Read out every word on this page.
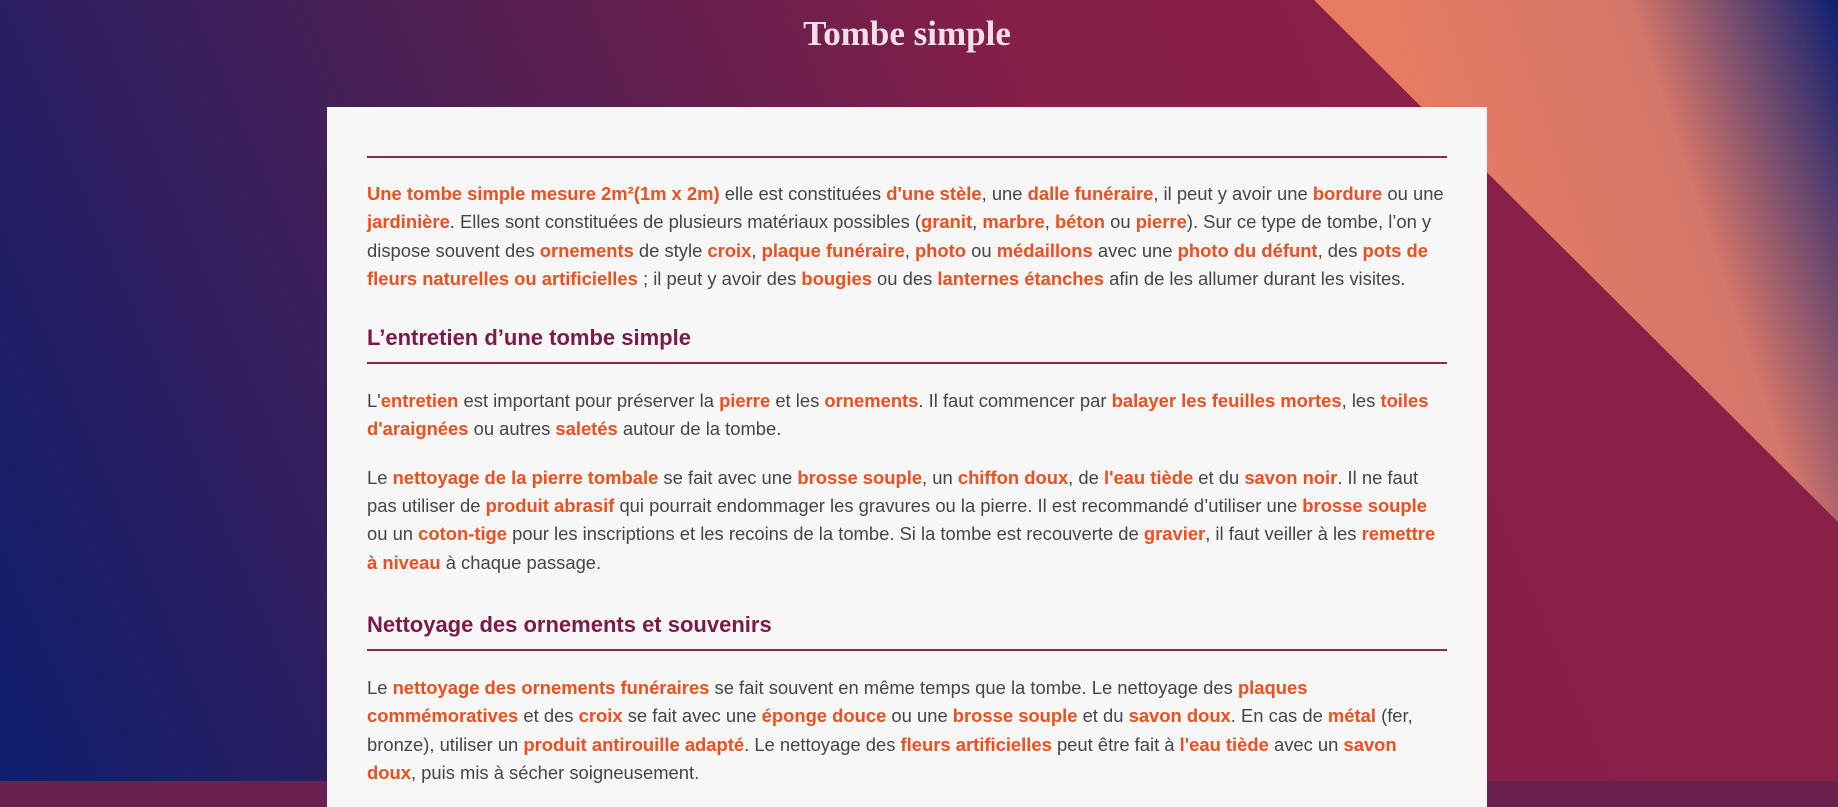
Tombe simple

Une tombe simple mesure 2m²(1m x 2m) elle est constituées d'une stèle, une dalle funéraire, il peut y avoir une bordure ou une jardinière. Elles sont constituées de plusieurs matériaux possibles (granit, marbre, béton ou pierre). Sur ce type de tombe, l’on y dispose souvent des ornements de style croix, plaque funéraire, photo ou médaillons avec une photo du défunt, des pots de fleurs naturelles ou artificielles ; il peut y avoir des bougies ou des lanternes étanches afin de les allumer durant les visites.

L’entretien d’une tombe simple

L'entretien est important pour préserver la pierre et les ornements. Il faut commencer par balayer les feuilles mortes, les toiles d'araignées ou autres saletés autour de la tombe.

Le nettoyage de la pierre tombale se fait avec une brosse souple, un chiffon doux, de l'eau tiède et du savon noir. Il ne faut pas utiliser de produit abrasif qui pourrait endommager les gravures ou la pierre. Il est recommandé d’utiliser une brosse souple ou un coton-tige pour les inscriptions et les recoins de la tombe. Si la tombe est recouverte de gravier, il faut veiller à les remettre à niveau à chaque passage.

Nettoyage des ornements et souvenirs

Le nettoyage des ornements funéraires se fait souvent en même temps que la tombe. Le nettoyage des plaques commémoratives et des croix se fait avec une éponge douce ou une brosse souple et du savon doux. En cas de métal (fer, bronze), utiliser un produit antirouille adapté. Le nettoyage des fleurs artificielles peut être fait à l'eau tiède avec un savon doux, puis mis à sécher soigneusement.
